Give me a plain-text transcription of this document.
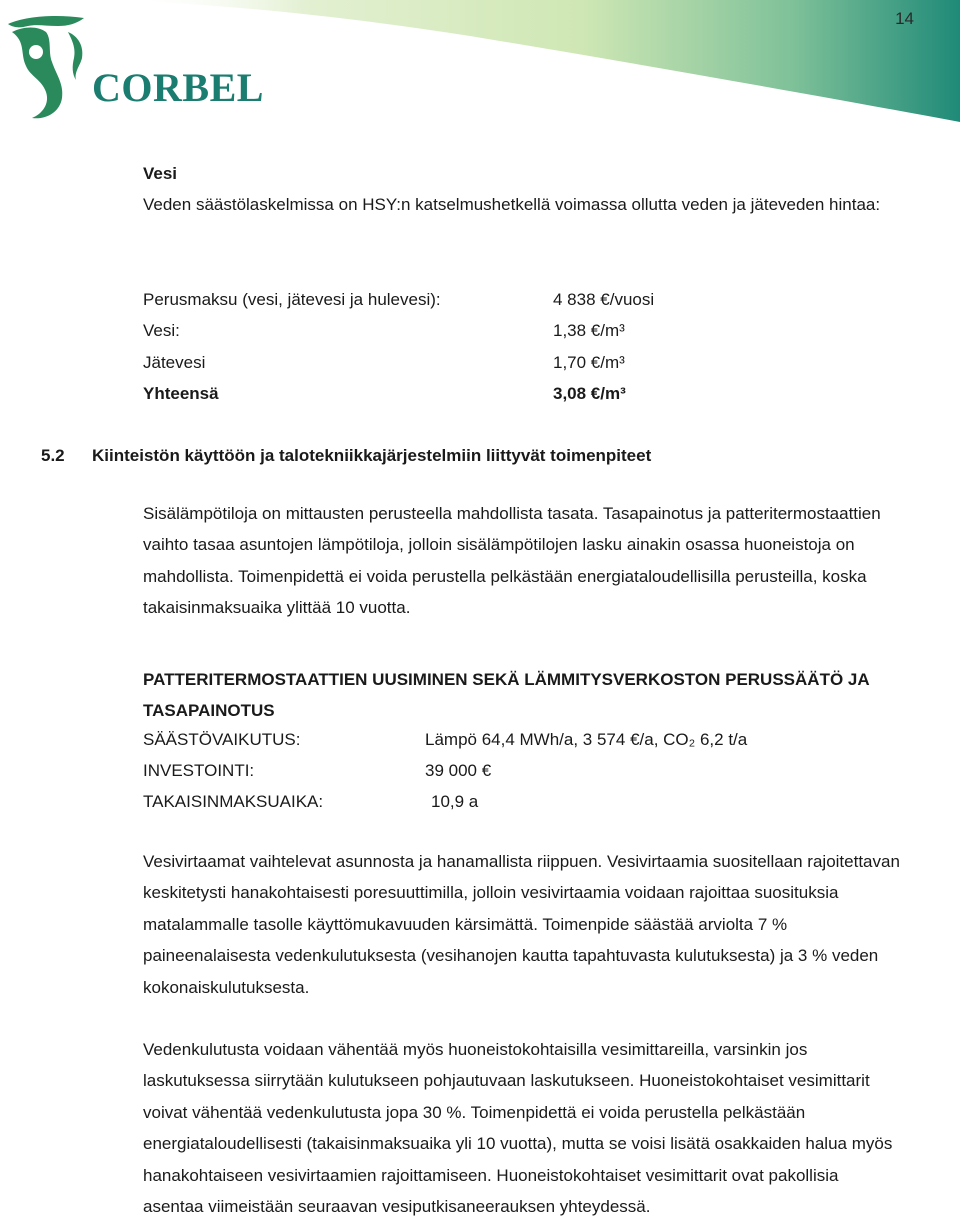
14
CORBEL
Vesi
Veden säästölaskelmissa on HSY:n katselmushetkellä voimassa ollutta veden ja jäteveden hintaa:
Perusmaksu (vesi, jätevesi ja hulevesi):	4 838 €/vuosi
Vesi:	1,38 €/m³
Jätevesi	1,70 €/m³
Yhteensä	3,08 €/m³
Sisälämpötiloja on mittausten perusteella mahdollista tasata. Tasapainotus ja patteritermostaattien vaihto tasaa asuntojen lämpötiloja, jolloin sisälämpötilojen lasku ainakin osassa huoneistoja on mahdollista. Toimenpidettä ei voida perustella pelkästään energiataloudellisilla perusteilla, koska takaisinmaksuaika ylittää 10 vuotta.
PATTERITERMOSTAATTIEN UUSIMINEN SEKÄ LÄMMITYSVERKOSTON PERUSSÄÄTÖ JA TASAPAINOTUS
SÄÄSTÖVAIKUTUS:	Lämpö 64,4 MWh/a, 3 574 €/a, CO₂ 6,2 t/a
INVESTOINTI:	39 000 €
TAKAISINMAKSUAIKA:	10,9 a
Vesivirtaamat vaihtelevat asunnosta ja hanamallista riippuen. Vesivirtaamia suositellaan rajoitettavan keskitetysti hanakohtaisesti poresuuttimilla, jolloin vesivirtaamia voidaan rajoittaa suosituksia matalammalle tasolle käyttömukavuuden kärsimättä. Toimenpide säästää arviolta 7 % paineenalaisesta vedenkulutuksesta (vesihanojen kautta tapahtuvasta kulutuksesta) ja 3 % veden kokonaiskulutuksesta.
Vedenkulutusta voidaan vähentää myös huoneistokohtaisilla vesimittareilla, varsinkin jos laskutuksessa siirrytään kulutukseen pohjautuvaan laskutukseen. Huoneistokohtaiset vesimittarit voivat vähentää vedenkulutusta jopa 30 %. Toimenpidettä ei voida perustella pelkästään energiataloudellisesti (takaisinmaksuaika yli 10 vuotta), mutta se voisi lisätä osakkaiden halua myös hanakohtaiseen vesivirtaamien rajoittamiseen. Huoneistokohtaiset vesimittarit ovat pakollisia asentaa viimeistään seuraavan vesiputkisaneerauksen yhteydessä.
5.2 Kiinteistön käyttöön ja talotekniikkajärjestelmiin liittyvät toimenpiteet
